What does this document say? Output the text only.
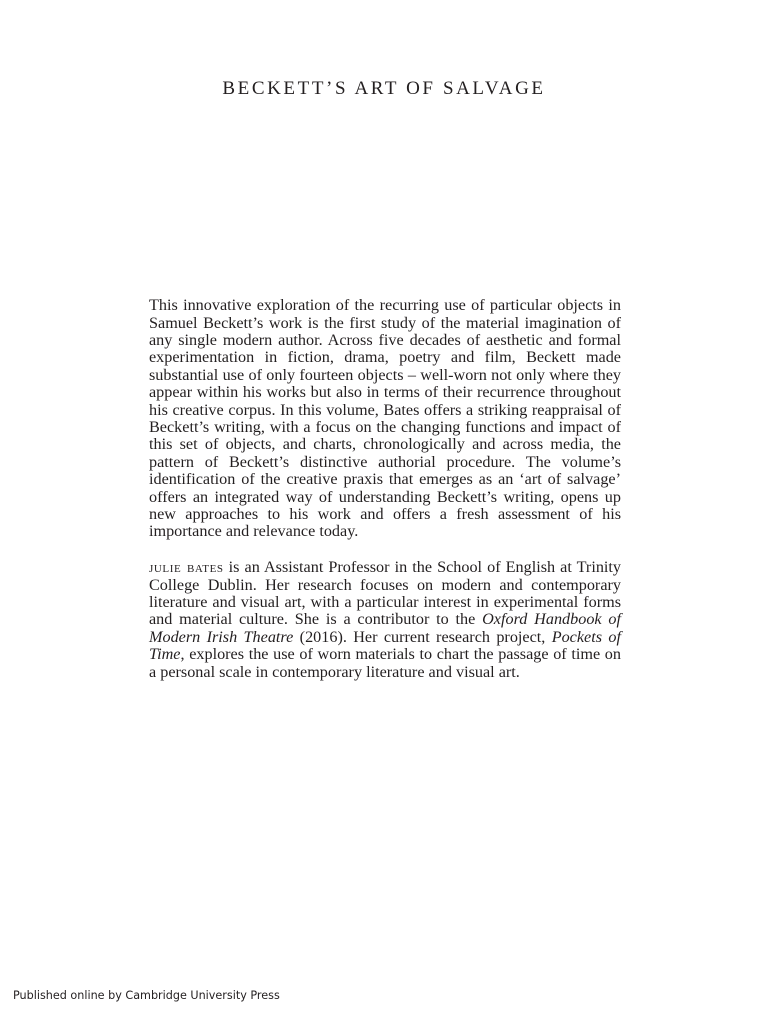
BECKETT’S ART OF SALVAGE

This innovative exploration of the recurring use of particular objects in Samuel Beckett’s work is the first study of the material imagination of any single modern author. Across five decades of aesthetic and formal experimentation in fiction, drama, poetry and film, Beckett made substantial use of only fourteen objects – well-worn not only where they appear within his works but also in terms of their recurrence throughout his creative corpus. In this volume, Bates offers a striking reappraisal of Beckett’s writing, with a focus on the changing functions and impact of this set of objects, and charts, chronologically and across media, the pattern of Beckett’s distinctive authorial procedure. The volume’s identification of the creative praxis that emerges as an ‘art of salvage’ offers an integrated way of understanding Beckett’s writing, opens up new approaches to his work and offers a fresh assessment of his importance and relevance today.

julie bates is an Assistant Professor in the School of English at Trinity College Dublin. Her research focuses on modern and contemporary literature and visual art, with a particular interest in experimental forms and material culture. She is a contributor to the Oxford Handbook of Modern Irish Theatre (2016). Her current research project, Pockets of Time, explores the use of worn materials to chart the passage of time on a personal scale in contemporary literature and visual art.

Published online by Cambridge University Press
